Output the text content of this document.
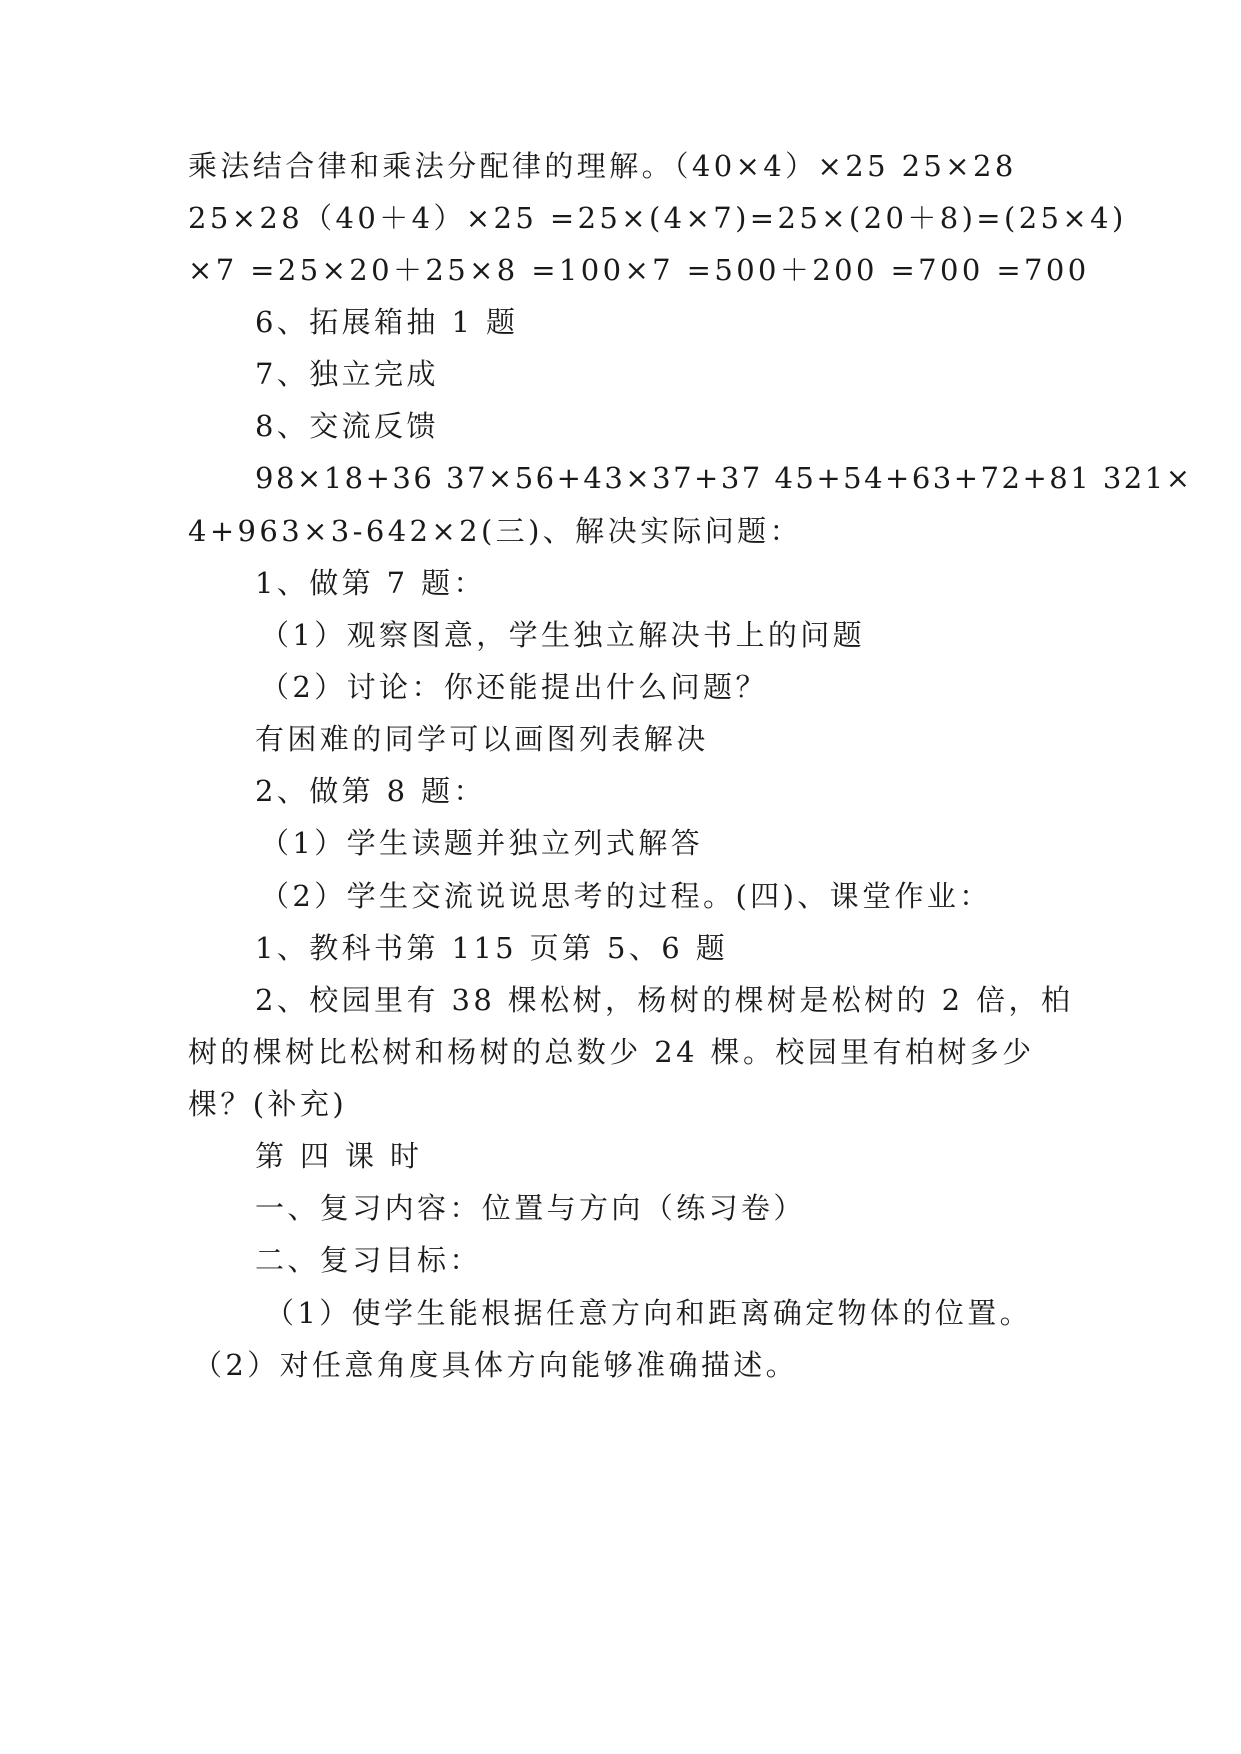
乘法结合律和乘法分配律的理解。（40×4）×25 25×28
25×28（40＋4）×25 =25×(4×7)=25×(20＋8)=(25×4)
×7 =25×20＋25×8 =100×7 =500＋200 =700 =700
6、拓展箱抽 1 题
7、独立完成
8、交流反馈
98×18+36 37×56+43×37+37 45+54+63+72+81 321×
4+963×3-642×2(三)、解决实际问题：
1、做第 7 题：
（1）观察图意，学生独立解决书上的问题
（2）讨论：你还能提出什么问题？
有困难的同学可以画图列表解决
2、做第 8 题：
（1）学生读题并独立列式解答
（2）学生交流说说思考的过程。(四)、课堂作业：
1、教科书第 115 页第 5、6 题
2、校园里有 38 棵松树，杨树的棵树是松树的 2 倍，柏
树的棵树比松树和杨树的总数少 24 棵。校园里有柏树多少
棵？(补充)
第 四 课 时
一、复习内容：位置与方向（练习卷）
二、复习目标：
（1）使学生能根据任意方向和距离确定物体的位置。
（2）对任意角度具体方向能够准确描述。
